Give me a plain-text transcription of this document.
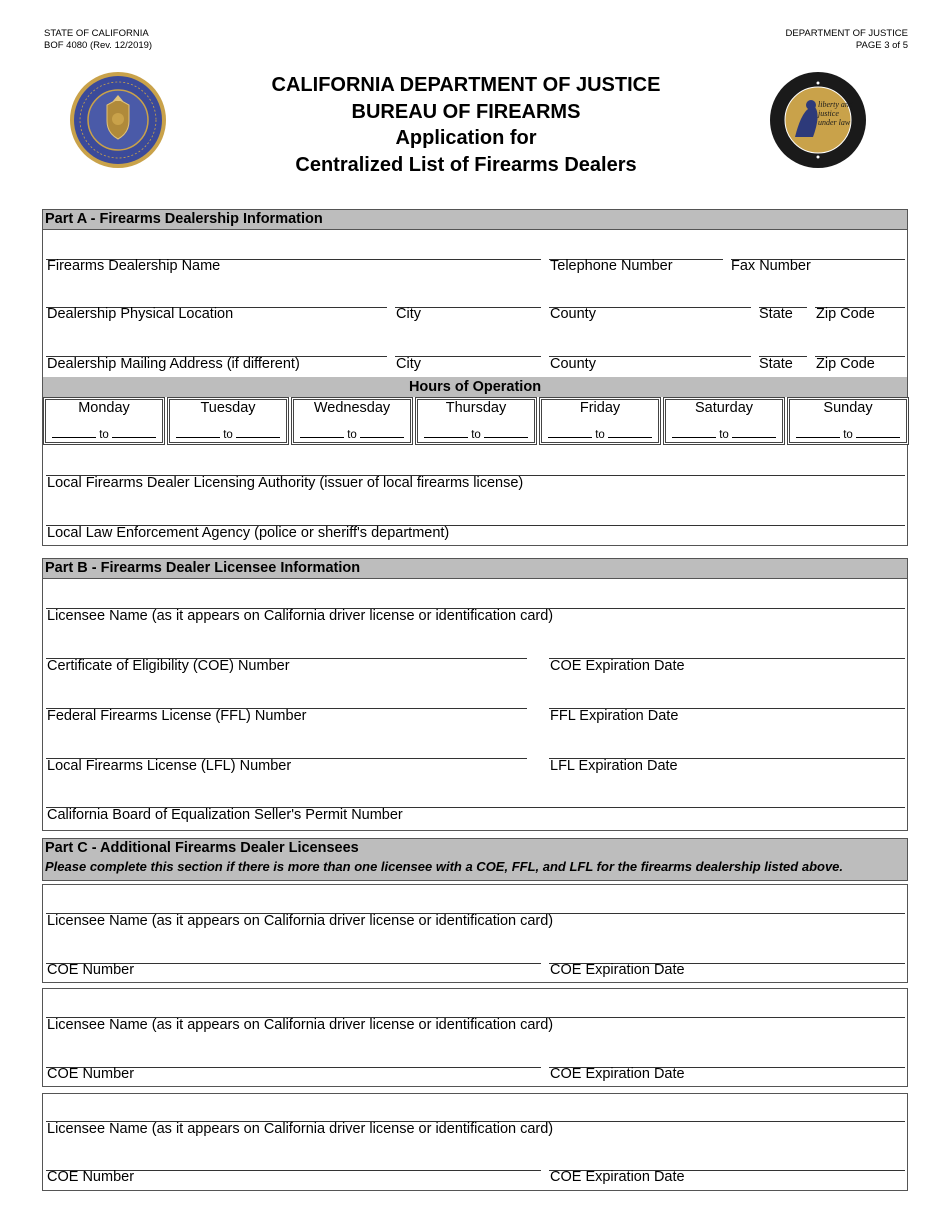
STATE OF CALIFORNIA
BOF 4080 (Rev. 12/2019)
DEPARTMENT OF JUSTICE
PAGE 3 of 5
CALIFORNIA DEPARTMENT OF JUSTICE
BUREAU OF FIREARMS
Application for
Centralized List of Firearms Dealers
liberty and justice under law
Part A - Firearms Dealership Information
Firearms Dealership Name	Telephone Number	Fax Number
Dealership Physical Location	City	County	State Zip Code
Dealership Mailing Address (if different)	City	County	State Zip Code
Hours of Operation
Monday
to
Tuesday
to
Wednesday
to
Thursday
to
Friday
to
Saturday
to
Sunday
to
Local Firearms Dealer Licensing Authority (issuer of local firearms license)
Local Law Enforcement Agency (police or sheriff's department)
Part B - Firearms Dealer Licensee Information
Licensee Name (as it appears on California driver license or identification card)
Certificate of Eligibility (COE) Number	COE Expiration Date
Federal Firearms License (FFL) Number	FFL Expiration Date
Local Firearms License (LFL) Number	LFL Expiration Date
California Board of Equalization Seller's Permit Number
Part C - Additional Firearms Dealer Licensees
Please complete this section if there is more than one licensee with a COE, FFL, and LFL for the firearms dealership listed above.
Licensee Name (as it appears on California driver license or identification card)
COE Number	COE Expiration Date
Licensee Name (as it appears on California driver license or identification card)
COE Number	COE Expiration Date
Licensee Name (as it appears on California driver license or identification card)
COE Number	COE Expiration Date
